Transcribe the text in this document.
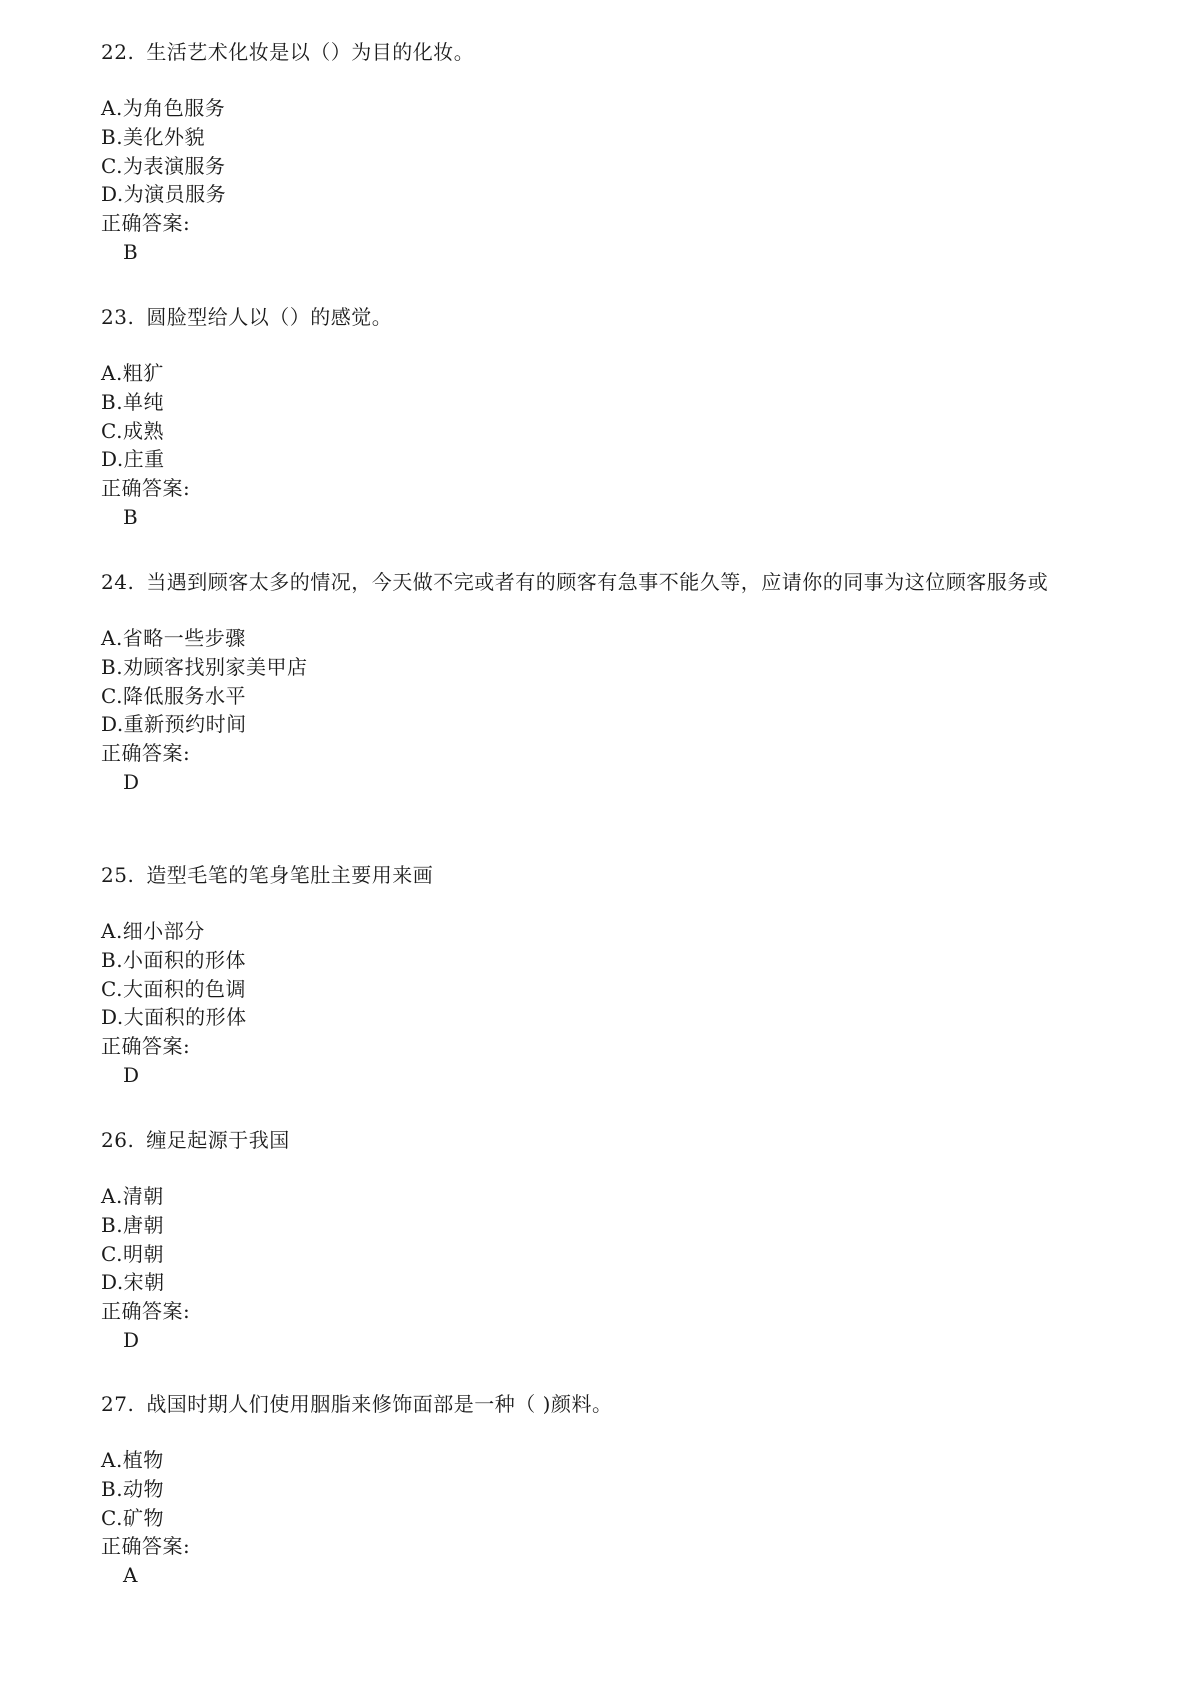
22. 生活艺术化妆是以（）为目的化妆。

A.为角色服务

B.美化外貌

C.为表演服务

D.为演员服务

正确答案:

B

23. 圆脸型给人以（）的感觉。

A.粗犷

B.单纯

C.成熟

D.庄重

正确答案:

B

24. 当遇到顾客太多的情况，今天做不完或者有的顾客有急事不能久等，应请你的同事为这位顾客服务或

A.省略一些步骤

B.劝顾客找别家美甲店

C.降低服务水平

D.重新预约时间

正确答案:

D

25. 造型毛笔的笔身笔肚主要用来画

A.细小部分

B.小面积的形体

C.大面积的色调

D.大面积的形体

正确答案:

D

26. 缠足起源于我国

A.清朝

B.唐朝

C.明朝

D.宋朝

正确答案:

D

27. 战国时期人们使用胭脂来修饰面部是一种（ )颜料。

A.植物

B.动物

C.矿物

正确答案:

A
